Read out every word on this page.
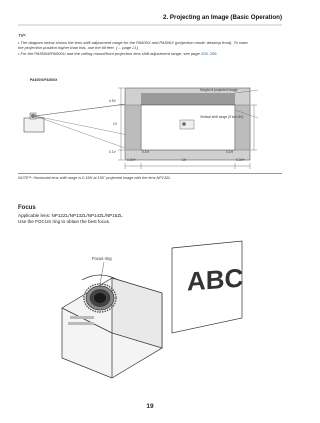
2. Projecting an Image (Basic Operation)
TIP:
• The diagram below shows the lens shift adjustment range for the PA600X and PA500X (projection mode: desktop front). To raise
the projection position higher than this, use the tilt feet. (→ page 21)
• For the PA550W/PA500U and the ceiling mount/front projection lens shift adjustment range, see page 205, 206.
PA600X/PA500X
Height of projected image
Vertical shift range (0 to 0.5V)
0.5V
1V
0.1V	0.1H	0.1H
0.3H*¹	1H	0.3H*¹
NOTE*¹: Horizontal lens shift range is 0.15H at 150" projected image with the lens NP13ZL.
Focus
Applicable lens: NP12ZL/NP13ZL/NP14ZL/NP15ZL
Use the FOCUS ring to obtain the best focus.
ABC
Focus ring
19
